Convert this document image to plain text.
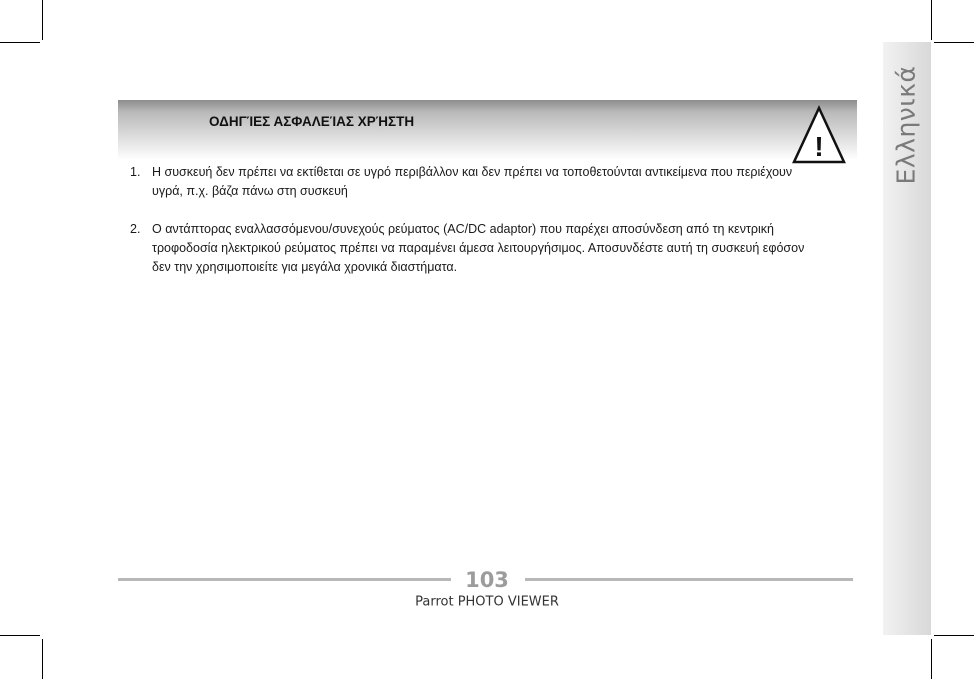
Ελληνικά
ΟΔΗΓΊΕΣ ΑΣΦΑΛΕΊΑΣ ΧΡΉΣΤΗ
!
1. Η συσκευή δεν πρέπει να εκτίθεται σε υγρό περιβάλλον και δεν πρέπει να τοποθετούνται αντικείμενα που περιέχουν υγρά, π.χ. βάζα πάνω στη συσκευή
2. Ο αντάπτορας εναλλασσόμενου/συνεχούς ρεύματος (AC/DC adaptor) που παρέχει αποσύνδεση από τη κεντρική τροφοδοσία ηλεκτρικού ρεύματος πρέπει να παραμένει άμεσα λειτουργήσιμος. Αποσυνδέστε αυτή τη συσκευή εφόσον δεν την χρησιμοποιείτε για μεγάλα χρονικά διαστήματα.
103
Parrot PHOTO VIEWER
